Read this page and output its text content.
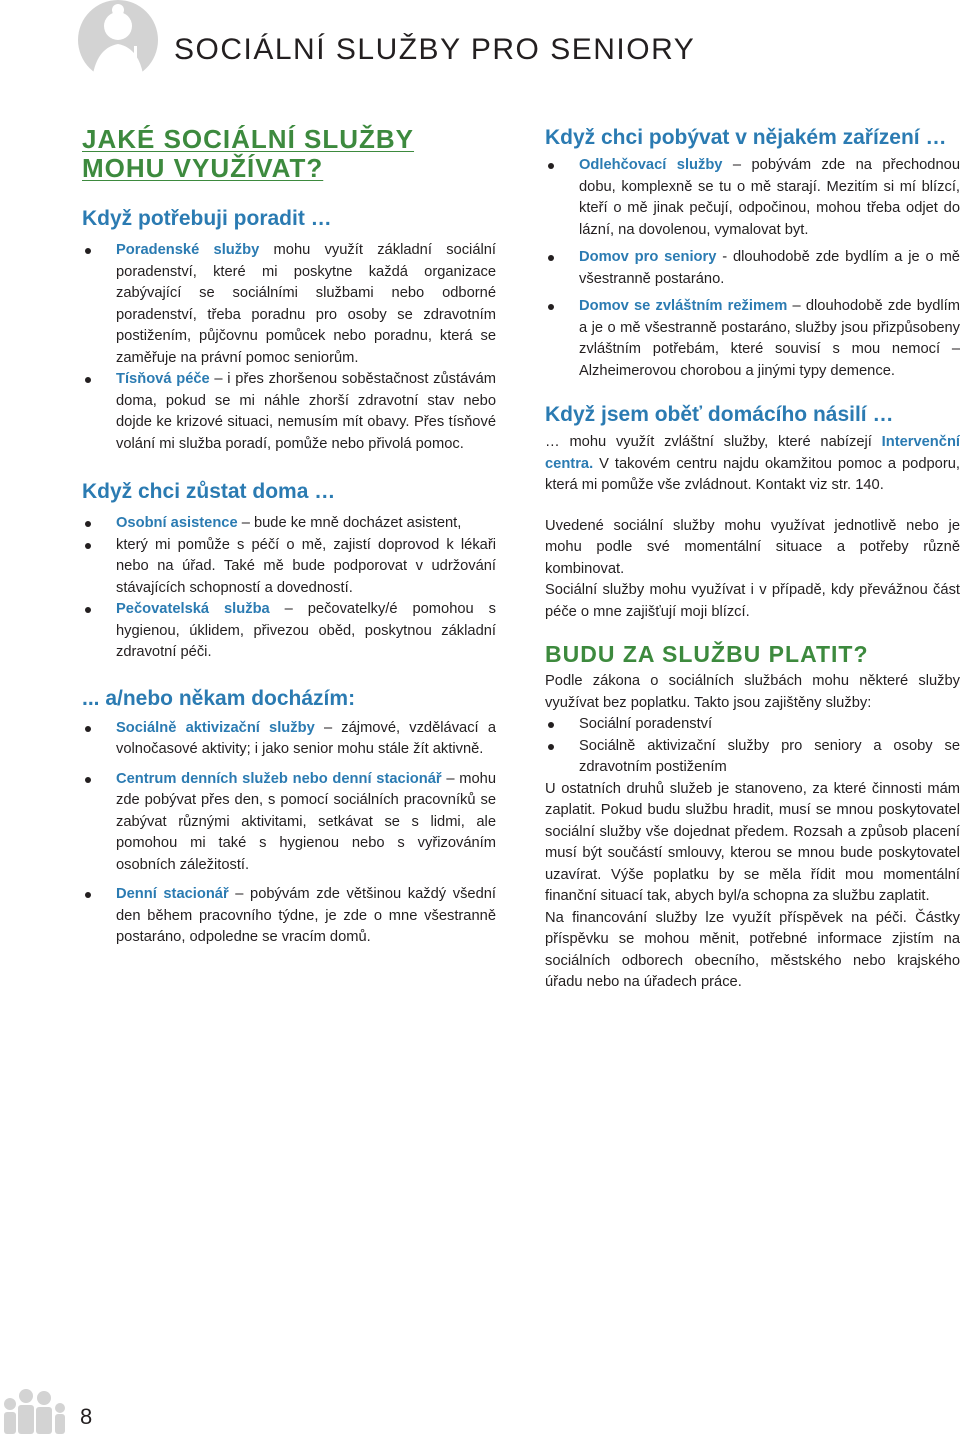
SOCIÁLNÍ SLUŽBY PRO SENIORY
JAKÉ SOCIÁLNÍ SLUŽBY
MOHU VYUŽÍVAT?
Když potřebuji poradit …
Poradenské služby mohu využít základní sociální poradenství, které mi poskytne každá organizace zabývající se sociálními službami nebo odborné poradenství, třeba poradnu pro osoby se zdravotním postižením, půjčovnu pomůcek nebo poradnu, která se zaměřuje na právní pomoc seniorům.
Tísňová péče – i přes zhoršenou soběstačnost zůstávám doma, pokud se mi náhle zhorší zdravotní stav nebo dojde ke krizové situaci, nemusím mít obavy. Přes tísňové volání mi služba poradí, pomůže nebo přivolá pomoc.
Když chci zůstat doma …
Osobní asistence – bude ke mně docházet asistent,
který mi pomůže s péčí o mě, zajistí doprovod k lékaři nebo na úřad. Také mě bude podporovat v udržování stávajících schopností a dovedností.
Pečovatelská služba – pečovatelky/é pomohou s hygienou, úklidem, přivezou oběd, poskytnou základní zdravotní péči.
... a/nebo někam docházím:
Sociálně aktivizační služby – zájmové, vzdělávací a volnočasové aktivity; i jako senior mohu stále žít aktivně.
Centrum denních služeb nebo denní stacionář – mohu zde pobývat přes den, s pomocí sociálních pracovníků se zabývat různými aktivitami, setkávat se s lidmi, ale pomohou mi také s hygienou nebo s vyřizováním osobních záležitostí.
Denní stacionář – pobývám zde většinou každý všední den během pracovního týdne, je zde o mne všestranně postaráno, odpoledne se vracím domů.
Když chci pobývat v nějakém zařízení …
Odlehčovací služby – pobývám zde na přechodnou dobu, komplexně se tu o mě starají. Mezitím si mí blízcí, kteří o mě jinak pečují, odpočinou, mohou třeba odjet do lázní, na dovolenou, vymalovat byt.
Domov pro seniory - dlouhodobě zde bydlím a je o mě všestranně postaráno.
Domov se zvláštním režimem – dlouhodobě zde bydlím a je o mě všestranně postaráno, služby jsou přizpůsobeny zvláštním potřebám, které souvisí s mou nemocí – Alzheimerovou chorobou a jinými typy demence.
Když jsem oběť domácího násilí …

… mohu využít zvláštní služby, které nabízejí Intervenční centra. V takovém centru najdu okamžitou pomoc a podporu, která mi pomůže vše zvládnout. Kontakt viz str. 140.

Uvedené sociální služby mohu využívat jednotlivě nebo je mohu podle své momentální situace a potřeby různě kombinovat.

Sociální služby mohu využívat i v případě, kdy převážnou část péče o mne zajišťují moji blízcí.

BUDU ZA SLUŽBU PLATIT?

Podle zákona o sociálních službách mohu některé služby využívat bez poplatku. Takto jsou zajištěny služby:

Sociální poradenství
Sociálně aktivizační služby pro seniory a osoby se zdravotním postižením

U ostatních druhů služeb je stanoveno, za které činnosti mám zaplatit. Pokud budu službu hradit, musí se mnou poskytovatel sociální služby vše dojednat předem. Rozsah a způsob placení musí být součástí smlouvy, kterou se mnou bude poskytovatel uzavírat. Výše poplatku by se měla řídit mou momentální finanční situací tak, abych byl/a schopna za službu zaplatit.

Na financování služby lze využít příspěvek na péči. Částky příspěvku se mohou měnit, potřebné informace zjistím na sociálních odborech obecního, městského nebo krajského úřadu nebo na úřadech práce.

8
